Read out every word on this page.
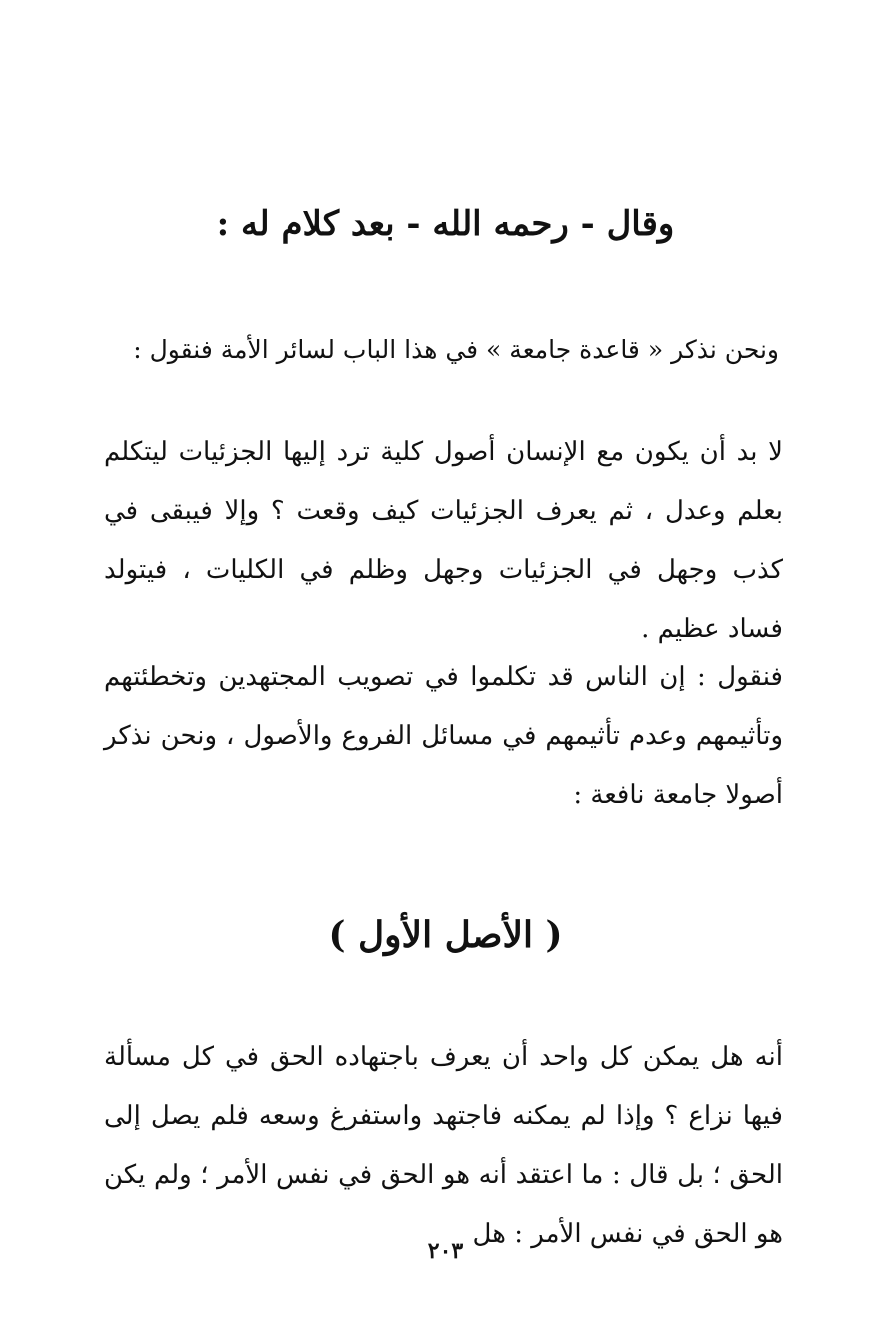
وقال - رحمه الله - بعد كلام له :
ونحن نذكر « قاعدة جامعة » في هذا الباب لسائر الأمة فنقول :
لا بد أن يكون مع الإنسان أصول كلية ترد إليها الجزئيات ليتكلم بعلم وعدل ، ثم يعرف الجزئيات كيف وقعت ؟ وإلا فيبقى في كذب وجهل في الجزئيات وجهل وظلم في الكليات ، فيتولد فساد عظيم .
فنقول : إن الناس قد تكلموا في تصويب المجتهدين وتخطئتهم وتأثيمهم وعدم تأثيمهم في مسائل الفروع والأصول ، ونحن نذكر أصولا جامعة نافعة :
( الأصل الأول )
أنه هل يمكن كل واحد أن يعرف باجتهاده الحق في كل مسألة فيها نزاع ؟ وإذا لم يمكنه فاجتهد واستفرغ وسعه فلم يصل إلى الحق ؛ بل قال : ما اعتقد أنه هو الحق في نفس الأمر ؛ ولم يكن هو الحق في نفس الأمر : هل
٢٠٣
